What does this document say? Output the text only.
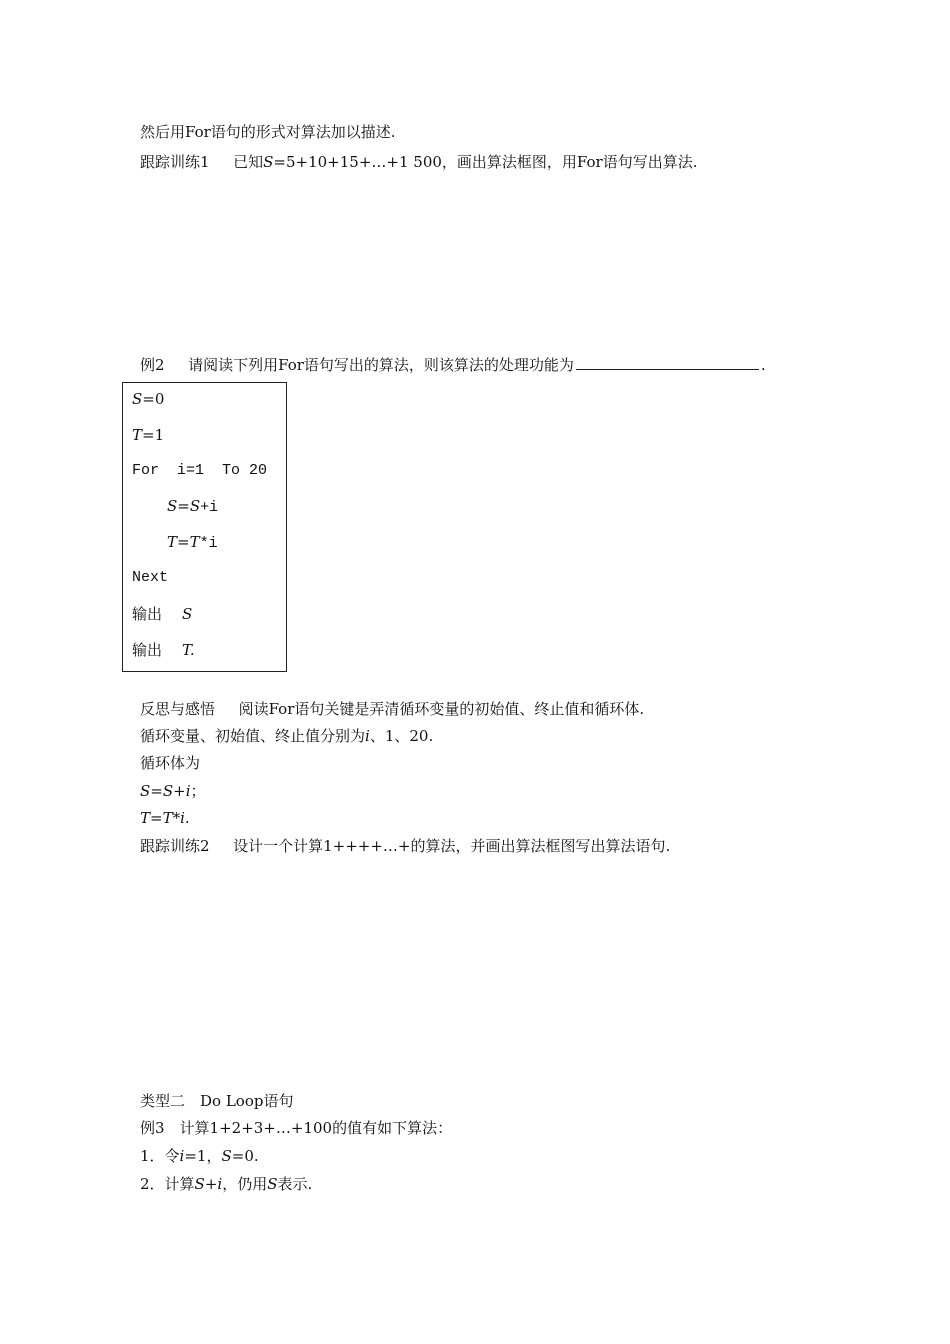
然后用For语句的形式对算法加以描述.
跟踪训练1 已知S=5+10+15+…+1 500，画出算法框图，用For语句写出算法.
例2 请阅读下列用For语句写出的算法，则该算法的处理功能为	.
S=0
T=1
For  i=1  To 20
S=S+i
T=T*i
Next
输出 S
输出 T.
反思与感悟 阅读For语句关键是弄清循环变量的初始值、终止值和循环体.
循环变量、初始值、终止值分别为i、1、20.
循环体为
S=S+i；
T=T*i.
跟踪训练2 设计一个计算1++++…+的算法，并画出算法框图写出算法语句.
类型二　Do Loop语句
例3　计算1+2+3+…+100的值有如下算法：
1．令i=1，S=0.
2．计算S+i，仍用S表示.
